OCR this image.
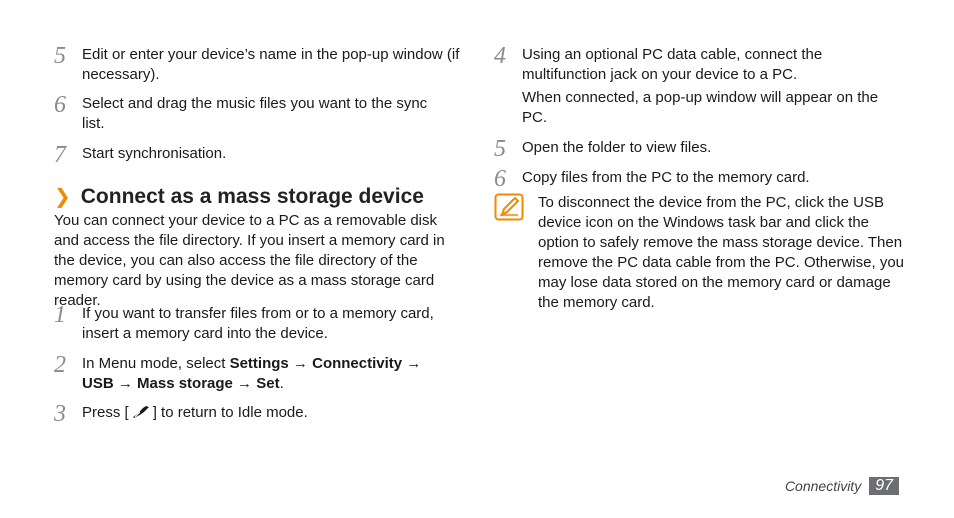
5	Edit or enter your device’s name in the pop-up window (if necessary).
6	Select and drag the music files you want to the sync list.
7	Start synchronisation.
❯ Connect as a mass storage device
You can connect your device to a PC as a removable disk and access the file directory. If you insert a memory card in the device, you can also access the file directory of the memory card by using the device as a mass storage card reader.
1	If you want to transfer files from or to a memory card, insert a memory card into the device.
2	In Menu mode, select Settings → Connectivity → USB → Mass storage → Set.
3	Press [ ] to return to Idle mode.
4	Using an optional PC data cable, connect the multifunction jack on your device to a PC.
When connected, a pop-up window will appear on the PC.
5	Open the folder to view files.
6	Copy files from the PC to the memory card.
To disconnect the device from the PC, click the USB device icon on the Windows task bar and click the option to safely remove the mass storage device. Then remove the PC data cable from the PC. Otherwise, you may lose data stored on the memory card or damage the memory card.
Connectivity 97
